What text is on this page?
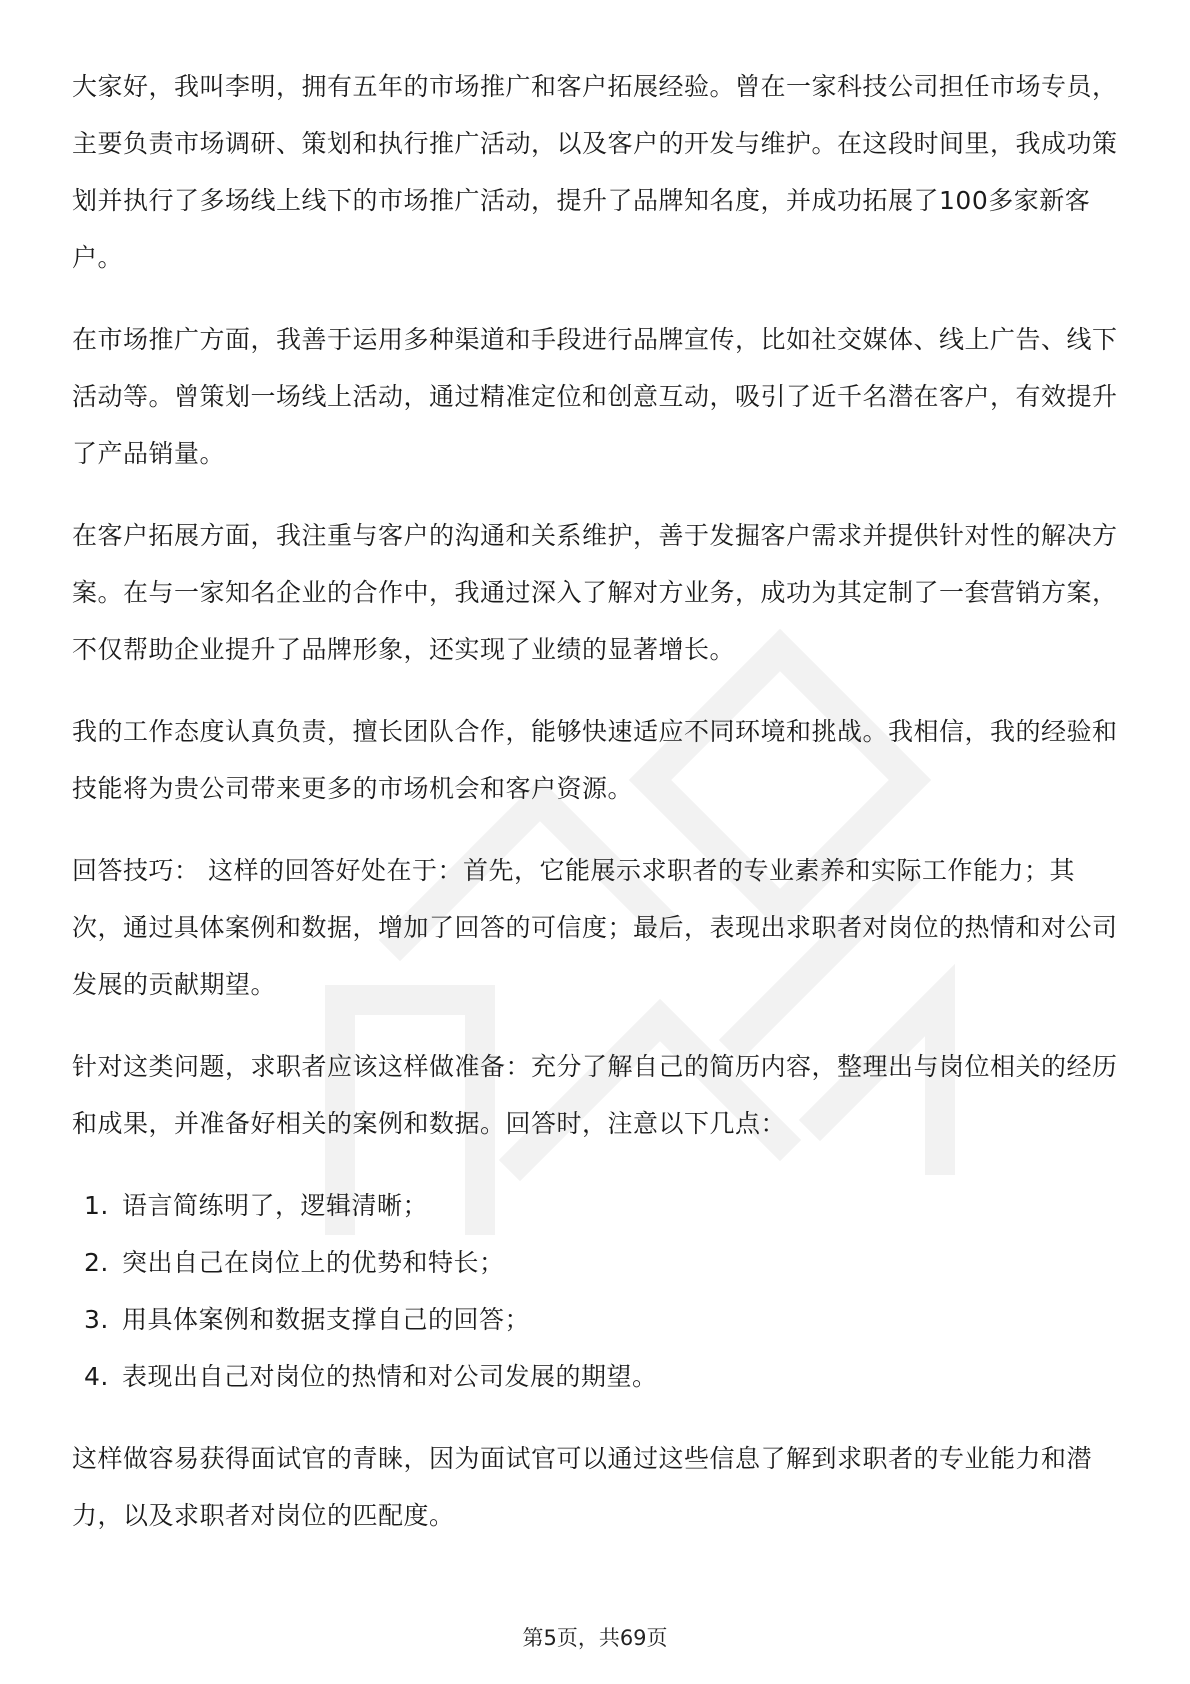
大家好，我叫李明，拥有五年的市场推广和客户拓展经验。曾在一家科技公司担任市场专员，主要负责市场调研、策划和执行推广活动，以及客户的开发与维护。在这段时间里，我成功策划并执行了多场线上线下的市场推广活动，提升了品牌知名度，并成功拓展了100多家新客户。

在市场推广方面，我善于运用多种渠道和手段进行品牌宣传，比如社交媒体、线上广告、线下活动等。曾策划一场线上活动，通过精准定位和创意互动，吸引了近千名潜在客户，有效提升了产品销量。

在客户拓展方面，我注重与客户的沟通和关系维护，善于发掘客户需求并提供针对性的解决方案。在与一家知名企业的合作中，我通过深入了解对方业务，成功为其定制了一套营销方案，不仅帮助企业提升了品牌形象，还实现了业绩的显著增长。

我的工作态度认真负责，擅长团队合作，能够快速适应不同环境和挑战。我相信，我的经验和技能将为贵公司带来更多的市场机会和客户资源。

回答技巧： 这样的回答好处在于：首先，它能展示求职者的专业素养和实际工作能力；其次，通过具体案例和数据，增加了回答的可信度；最后，表现出求职者对岗位的热情和对公司发展的贡献期望。

针对这类问题，求职者应该这样做准备：充分了解自己的简历内容，整理出与岗位相关的经历和成果，并准备好相关的案例和数据。回答时，注意以下几点：

1. 语言简练明了，逻辑清晰；
2. 突出自己在岗位上的优势和特长；
3. 用具体案例和数据支撑自己的回答；
4. 表现出自己对岗位的热情和对公司发展的期望。

这样做容易获得面试官的青睐，因为面试官可以通过这些信息了解到求职者的专业能力和潜力，以及求职者对岗位的匹配度。

第5页，共69页
